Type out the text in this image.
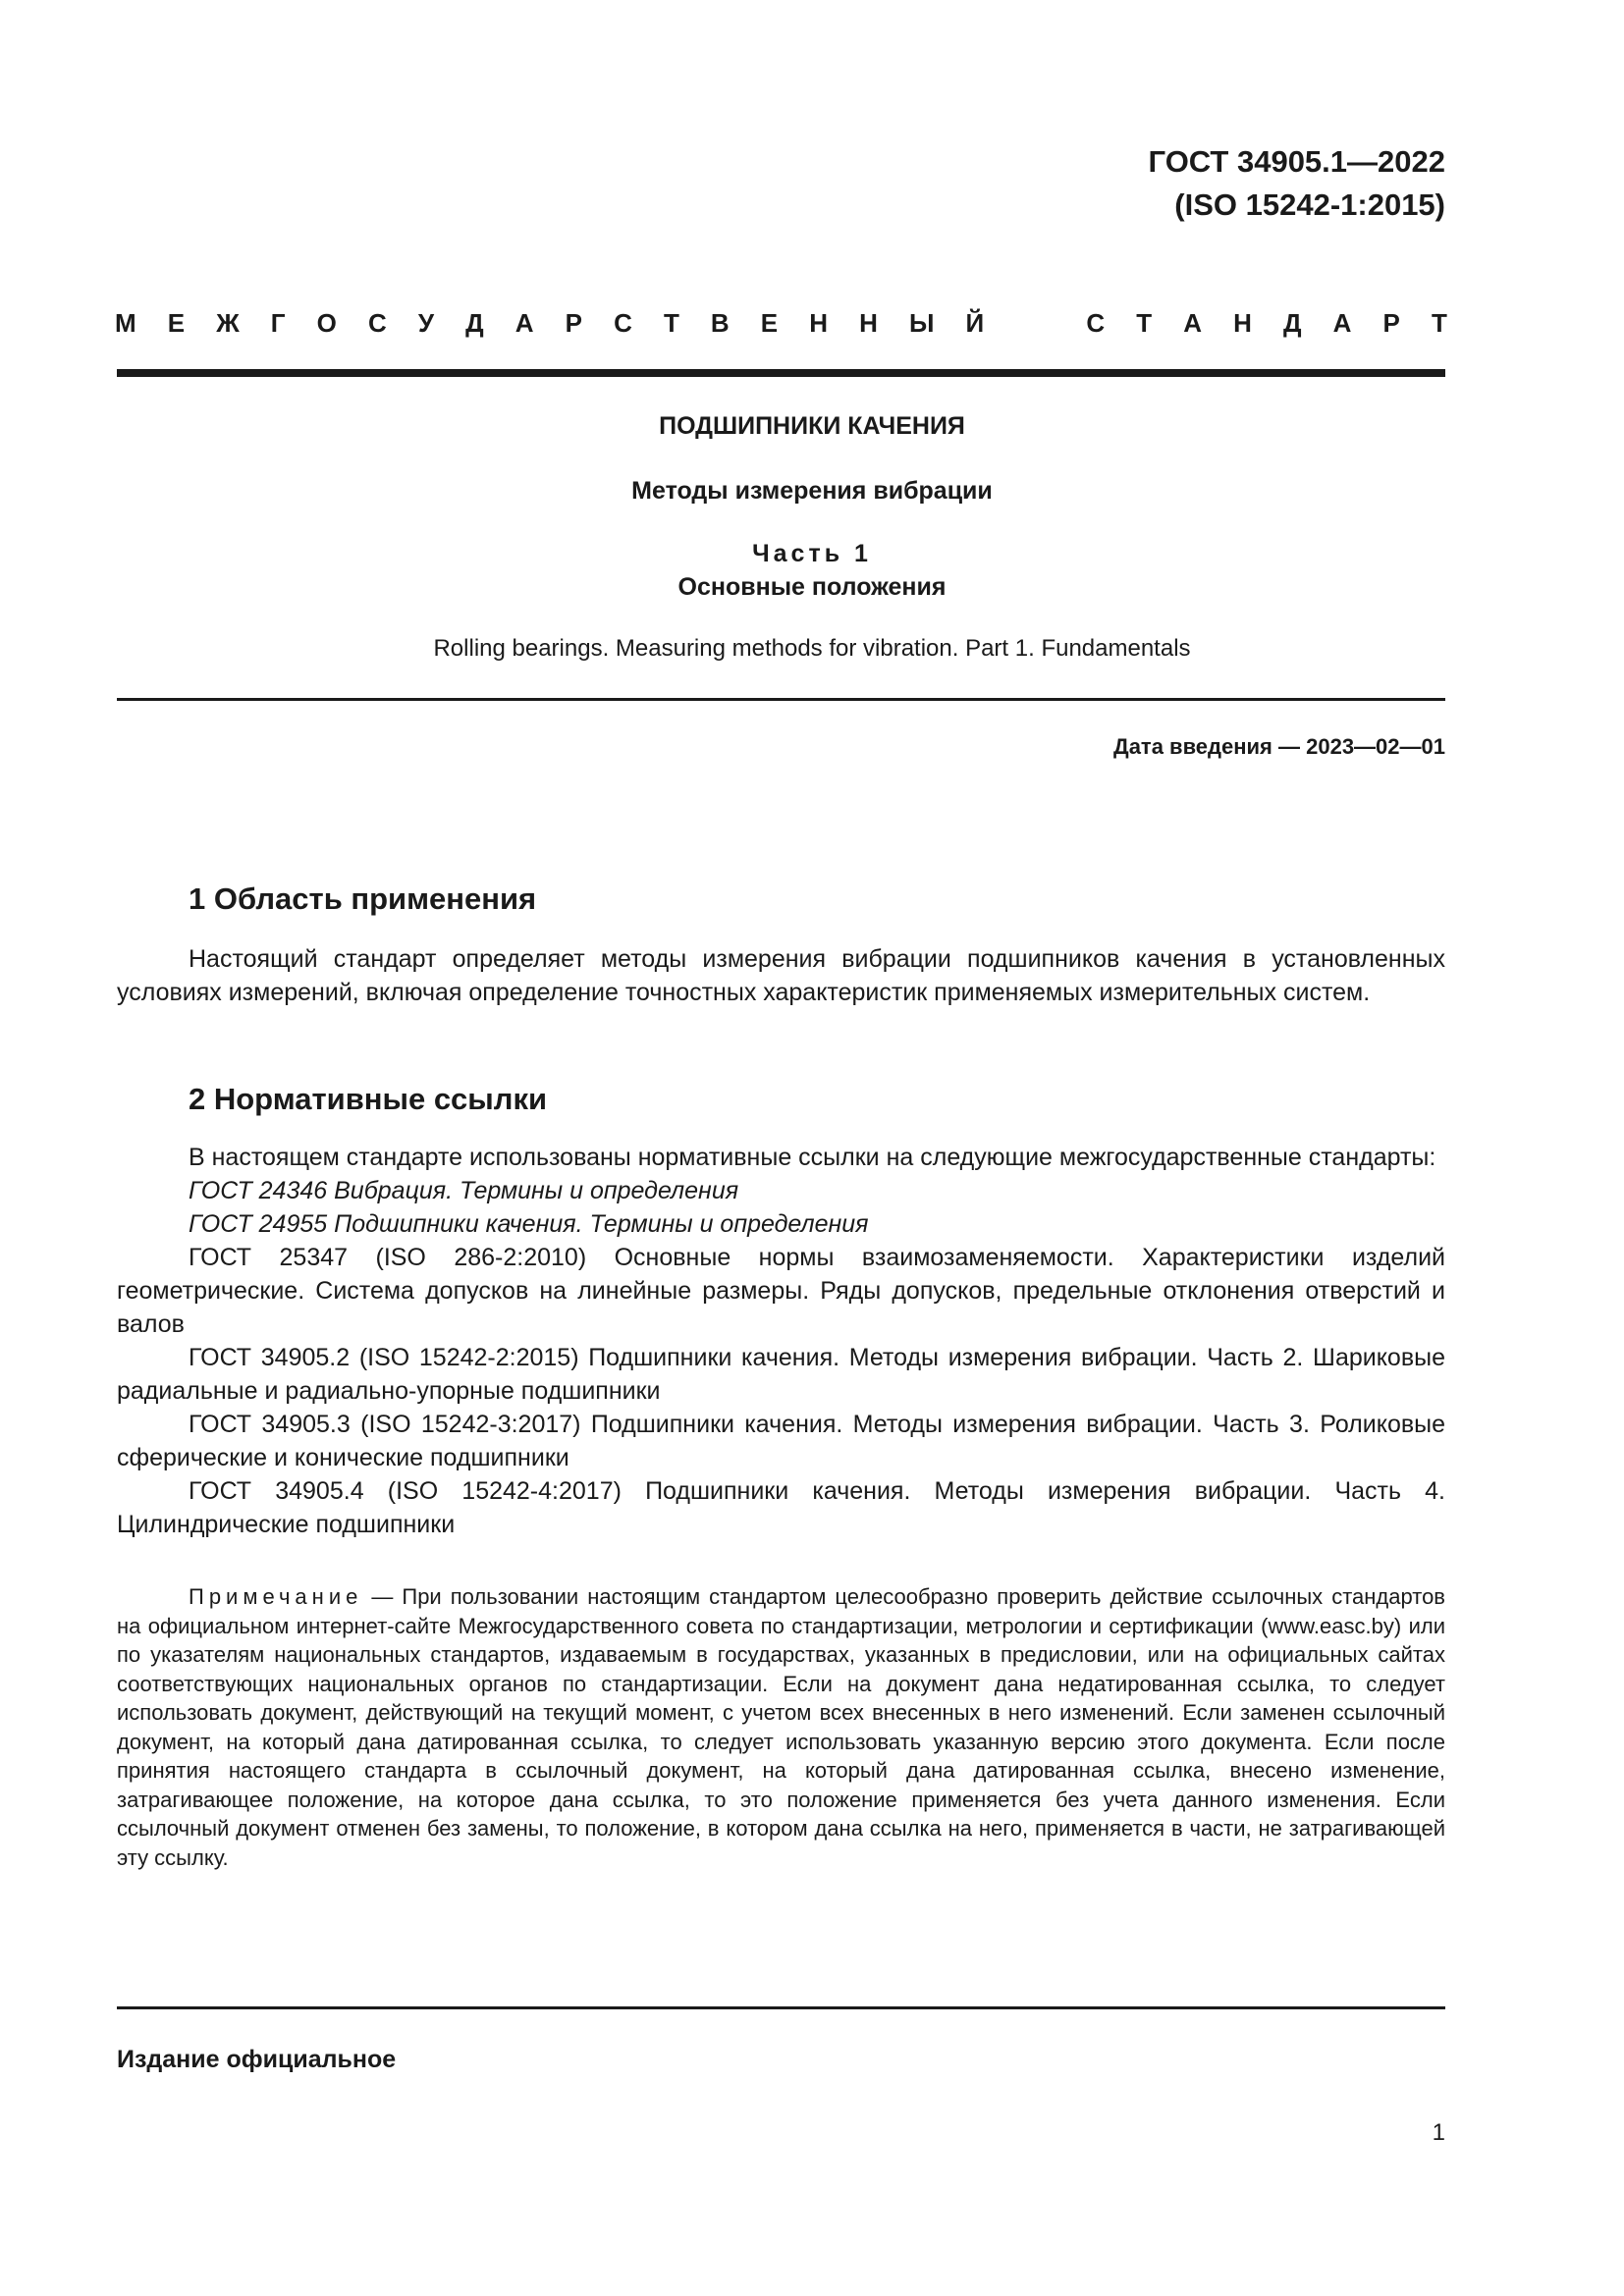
ГОСТ 34905.1—2022
(ISO 15242-1:2015)
М Е Ж Г О С У Д А Р С Т В Е Н Н Ы Й	С Т А Н Д А Р Т
ПОДШИПНИКИ КАЧЕНИЯ
Методы измерения вибрации
Часть 1
Основные положения
Rolling bearings. Measuring methods for vibration. Part 1. Fundamentals
Дата введения — 2023—02—01
1 Область применения

Настоящий стандарт определяет методы измерения вибрации подшипников качения в установленных условиях измерений, включая определение точностных характеристик применяемых измерительных систем.

2 Нормативные ссылки

В настоящем стандарте использованы нормативные ссылки на следующие межгосударственные стандарты:

ГОСТ 24346 Вибрация. Термины и определения

ГОСТ 24955 Подшипники качения. Термины и определения

ГОСТ 25347 (ISO 286-2:2010) Основные нормы взаимозаменяемости. Характеристики изделий геометрические. Система допусков на линейные размеры. Ряды допусков, предельные отклонения отверстий и валов

ГОСТ 34905.2 (ISO 15242-2:2015) Подшипники качения. Методы измерения вибрации. Часть 2. Шариковые радиальные и радиально-упорные подшипники

ГОСТ 34905.3 (ISO 15242-3:2017) Подшипники качения. Методы измерения вибрации. Часть 3. Роликовые сферические и конические подшипники

ГОСТ 34905.4 (ISO 15242-4:2017) Подшипники качения. Методы измерения вибрации. Часть 4. Цилиндрические подшипники

Примечание — При пользовании настоящим стандартом целесообразно проверить действие ссылочных стандартов на официальном интернет-сайте Межгосударственного совета по стандартизации, метрологии и сертификации (www.easc.by) или по указателям национальных стандартов, издаваемым в государствах, указанных в предисловии, или на официальных сайтах соответствующих национальных органов по стандартизации. Если на документ дана недатированная ссылка, то следует использовать документ, действующий на текущий момент, с учетом всех внесенных в него изменений. Если заменен ссылочный документ, на который дана датированная ссылка, то следует использовать указанную версию этого документа. Если после принятия настоящего стандарта в ссылочный документ, на который дана датированная ссылка, внесено изменение, затрагивающее положение, на которое дана ссылка, то это положение применяется без учета данного изменения. Если ссылочный документ отменен без замены, то положение, в котором дана ссылка на него, применяется в части, не затрагивающей эту ссылку.

Издание официальное
1
